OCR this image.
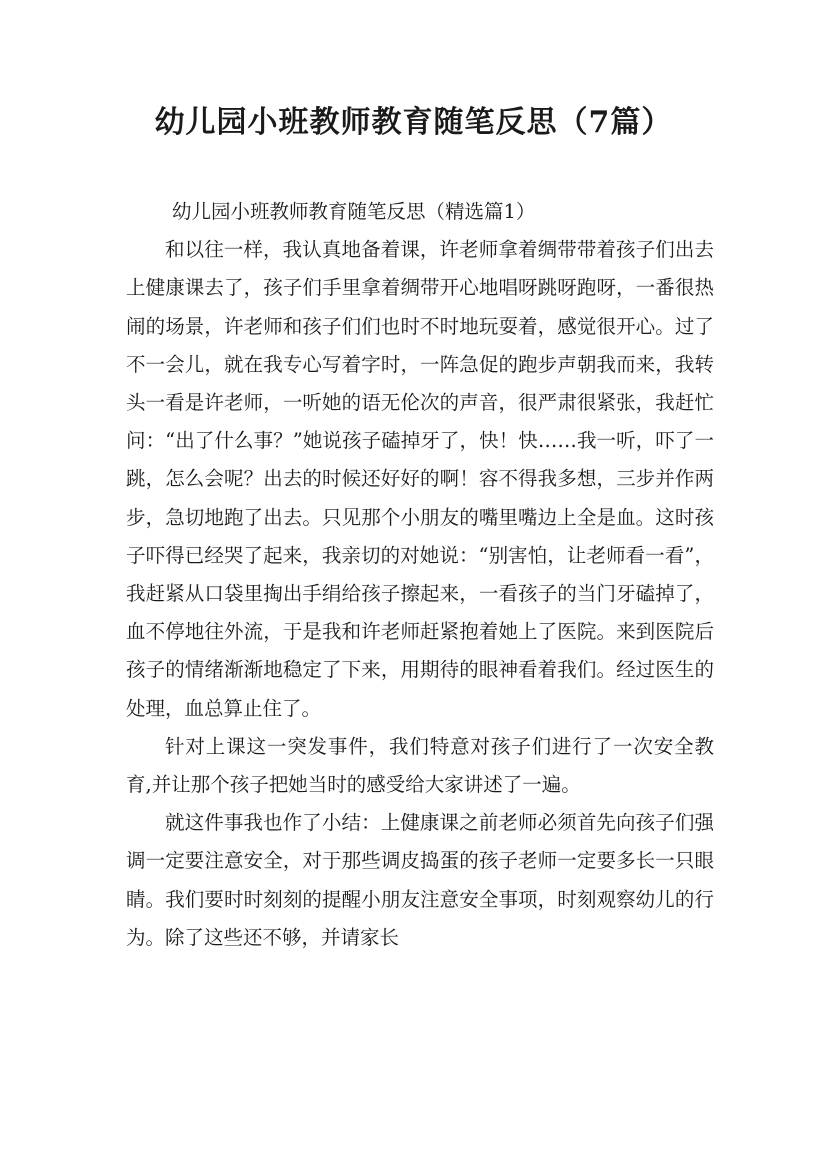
幼儿园小班教师教育随笔反思（7篇）
幼儿园小班教师教育随笔反思（精选篇1）

和以往一样，我认真地备着课，许老师拿着绸带带着孩子们出去上健康课去了，孩子们手里拿着绸带开心地唱呀跳呀跑呀，一番很热闹的场景，许老师和孩子们们也时不时地玩耍着，感觉很开心。过了不一会儿，就在我专心写着字时，一阵急促的跑步声朝我而来，我转头一看是许老师，一听她的语无伦次的声音，很严肃很紧张，我赶忙问：“出了什么事？”她说孩子磕掉牙了，快！快……我一听，吓了一跳，怎么会呢？出去的时候还好好的啊！容不得我多想，三步并作两步，急切地跑了出去。只见那个小朋友的嘴里嘴边上全是血。这时孩子吓得已经哭了起来，我亲切的对她说：“别害怕，让老师看一看”，我赶紧从口袋里掏出手绢给孩子擦起来，一看孩子的当门牙磕掉了，血不停地往外流，于是我和许老师赶紧抱着她上了医院。来到医院后孩子的情绪渐渐地稳定了下来，用期待的眼神看着我们。经过医生的处理，血总算止住了。

针对上课这一突发事件，我们特意对孩子们进行了一次安全教育,并让那个孩子把她当时的感受给大家讲述了一遍。

就这件事我也作了小结：上健康课之前老师必须首先向孩子们强调一定要注意安全，对于那些调皮捣蛋的孩子老师一定要多长一只眼睛。我们要时时刻刻的提醒小朋友注意安全事项，时刻观察幼儿的行为。除了这些还不够，并请家长
